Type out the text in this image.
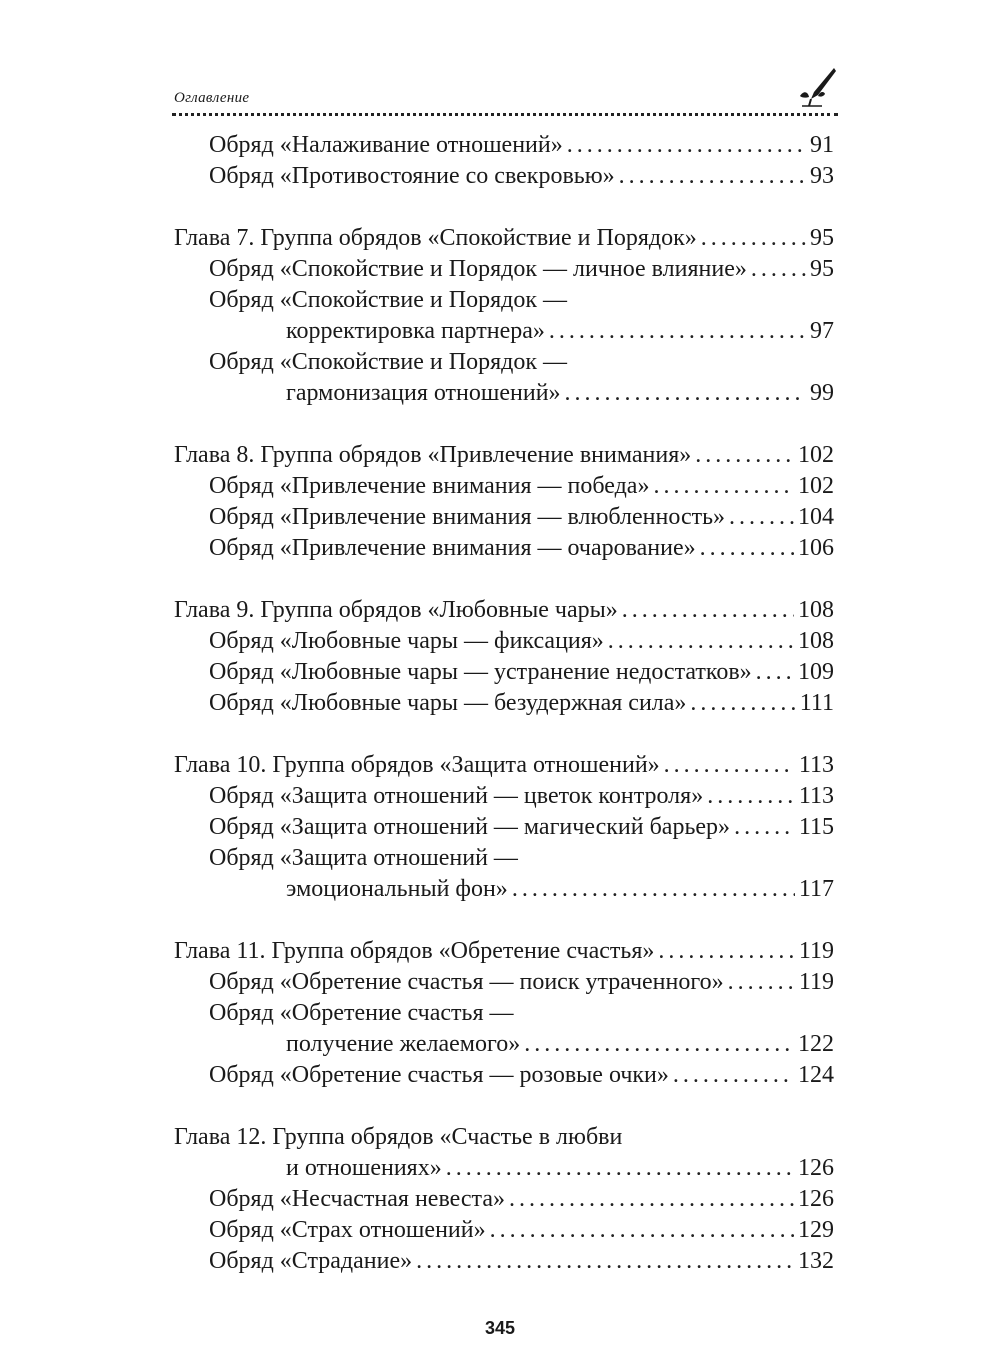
Оглавление
Обряд «Налаживание отношений» . . .	91
Обряд «Противостояние со свекровью» . . .	93
Глава 7. Группа обрядов «Спокойствие и Порядок» . . .	95
Обряд «Спокойствие и Порядок — личное влияние» . . .	95
Обряд «Спокойствие и Порядок —
корректировка партнера» . . .	97
Обряд «Спокойствие и Порядок —
гармонизация отношений» . . .	99
Глава 8. Группа обрядов «Привлечение внимания» . . .	102
Обряд «Привлечение внимания — победа» . . .	102
Обряд «Привлечение внимания — влюбленность» . . .	104
Обряд «Привлечение внимания — очарование» . . .	106
Глава 9. Группа обрядов «Любовные чары» . . .	108
Обряд «Любовные чары — фиксация» . . .	108
Обряд «Любовные чары — устранение недостатков» . . . 109
Обряд «Любовные чары — безудержная сила» . . .	111
Глава 10. Группа обрядов «Защита отношений» . . .	113
Обряд «Защита отношений — цветок контроля» . . .	113
Обряд «Защита отношений — магический барьер» . . .	115
Обряд «Защита отношений —
эмоциональный фон» . . .	117
Глава 11. Группа обрядов «Обретение счастья» . . .	119
Обряд «Обретение счастья — поиск утраченного» . . .	119
Обряд «Обретение счастья —
получение желаемого» . . .	122
Обряд «Обретение счастья — розовые очки» . . .	124
Глава 12. Группа обрядов «Счастье в любви
и отношениях» . . .	126
Обряд «Несчастная невеста» . . .	126
Обряд «Страх отношений» . . .	129
Обряд «Страдание» . . .	132
345
